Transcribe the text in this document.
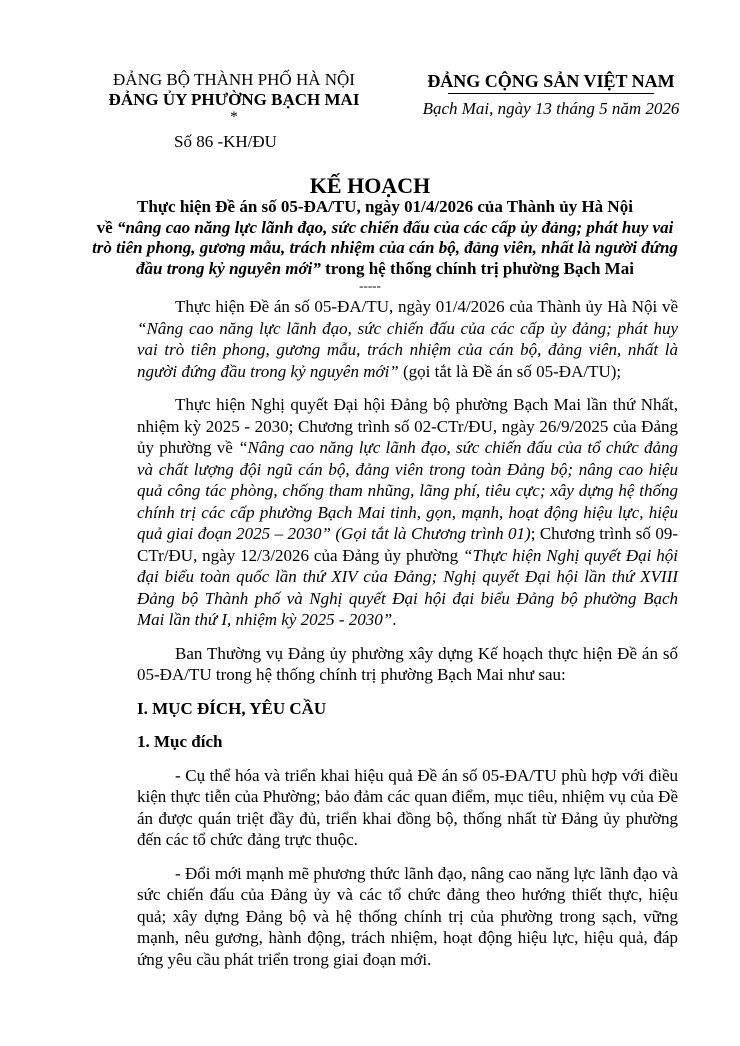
ĐẢNG BỘ THÀNH PHỐ HÀ NỘI
ĐẢNG ỦY PHƯỜNG BẠCH MAI
*
Số 86 -KH/ĐU
ĐẢNG CỘNG SẢN VIỆT NAM
Bạch Mai, ngày 13 tháng 5 năm 2026
KẾ HOẠCH
Thực hiện Đề án số 05-ĐA/TU, ngày 01/4/2026 của Thành ủy Hà Nội
về “nâng cao năng lực lãnh đạo, sức chiến đấu của các cấp ủy đảng; phát huy vai trò tiên phong, gương mẫu, trách nhiệm của cán bộ, đảng viên, nhất là người đứng đầu trong kỷ nguyên mới” trong hệ thống chính trị phường Bạch Mai
-----

Thực hiện Đề án số 05-ĐA/TU, ngày 01/4/2026 của Thành ủy Hà Nội về “Nâng cao năng lực lãnh đạo, sức chiến đấu của các cấp ủy đảng; phát huy vai trò tiên phong, gương mẫu, trách nhiệm của cán bộ, đảng viên, nhất là người đứng đầu trong kỷ nguyên mới” (gọi tắt là Đề án số 05-ĐA/TU);

Thực hiện Nghị quyết Đại hội Đảng bộ phường Bạch Mai lần thứ Nhất, nhiệm kỳ 2025 - 2030; Chương trình số 02-CTr/ĐU, ngày 26/9/2025 của Đảng ủy phường về “Nâng cao năng lực lãnh đạo, sức chiến đấu của tổ chức đảng và chất lượng đội ngũ cán bộ, đảng viên trong toàn Đảng bộ; nâng cao hiệu quả công tác phòng, chống tham nhũng, lãng phí, tiêu cực; xây dựng hệ thống chính trị các cấp phường Bạch Mai tinh, gọn, mạnh, hoạt động hiệu lực, hiệu quả giai đoạn 2025 – 2030” (Gọi tắt là Chương trình 01); Chương trình số 09-CTr/ĐU, ngày 12/3/2026 của Đảng ủy phường “Thực hiện Nghị quyết Đại hội đại biểu toàn quốc lần thứ XIV của Đảng; Nghị quyết Đại hội lần thứ XVIII Đảng bộ Thành phố và Nghị quyết Đại hội đại biểu Đảng bộ phường Bạch Mai lần thứ I, nhiệm kỳ 2025 - 2030”.

Ban Thường vụ Đảng ủy phường xây dựng Kế hoạch thực hiện Đề án số 05-ĐA/TU trong hệ thống chính trị phường Bạch Mai như sau:

I. MỤC ĐÍCH, YÊU CẦU

1. Mục đích

- Cụ thể hóa và triển khai hiệu quả Đề án số 05-ĐA/TU phù hợp với điều kiện thực tiễn của Phường; bảo đảm các quan điểm, mục tiêu, nhiệm vụ của Đề án được quán triệt đầy đủ, triển khai đồng bộ, thống nhất từ Đảng ủy phường đến các tổ chức đảng trực thuộc.

- Đổi mới mạnh mẽ phương thức lãnh đạo, nâng cao năng lực lãnh đạo và sức chiến đấu của Đảng ủy và các tổ chức đảng theo hướng thiết thực, hiệu quả; xây dựng Đảng bộ và hệ thống chính trị của phường trong sạch, vững mạnh, nêu gương, hành động, trách nhiệm, hoạt động hiệu lực, hiệu quả, đáp ứng yêu cầu phát triển trong giai đoạn mới.
